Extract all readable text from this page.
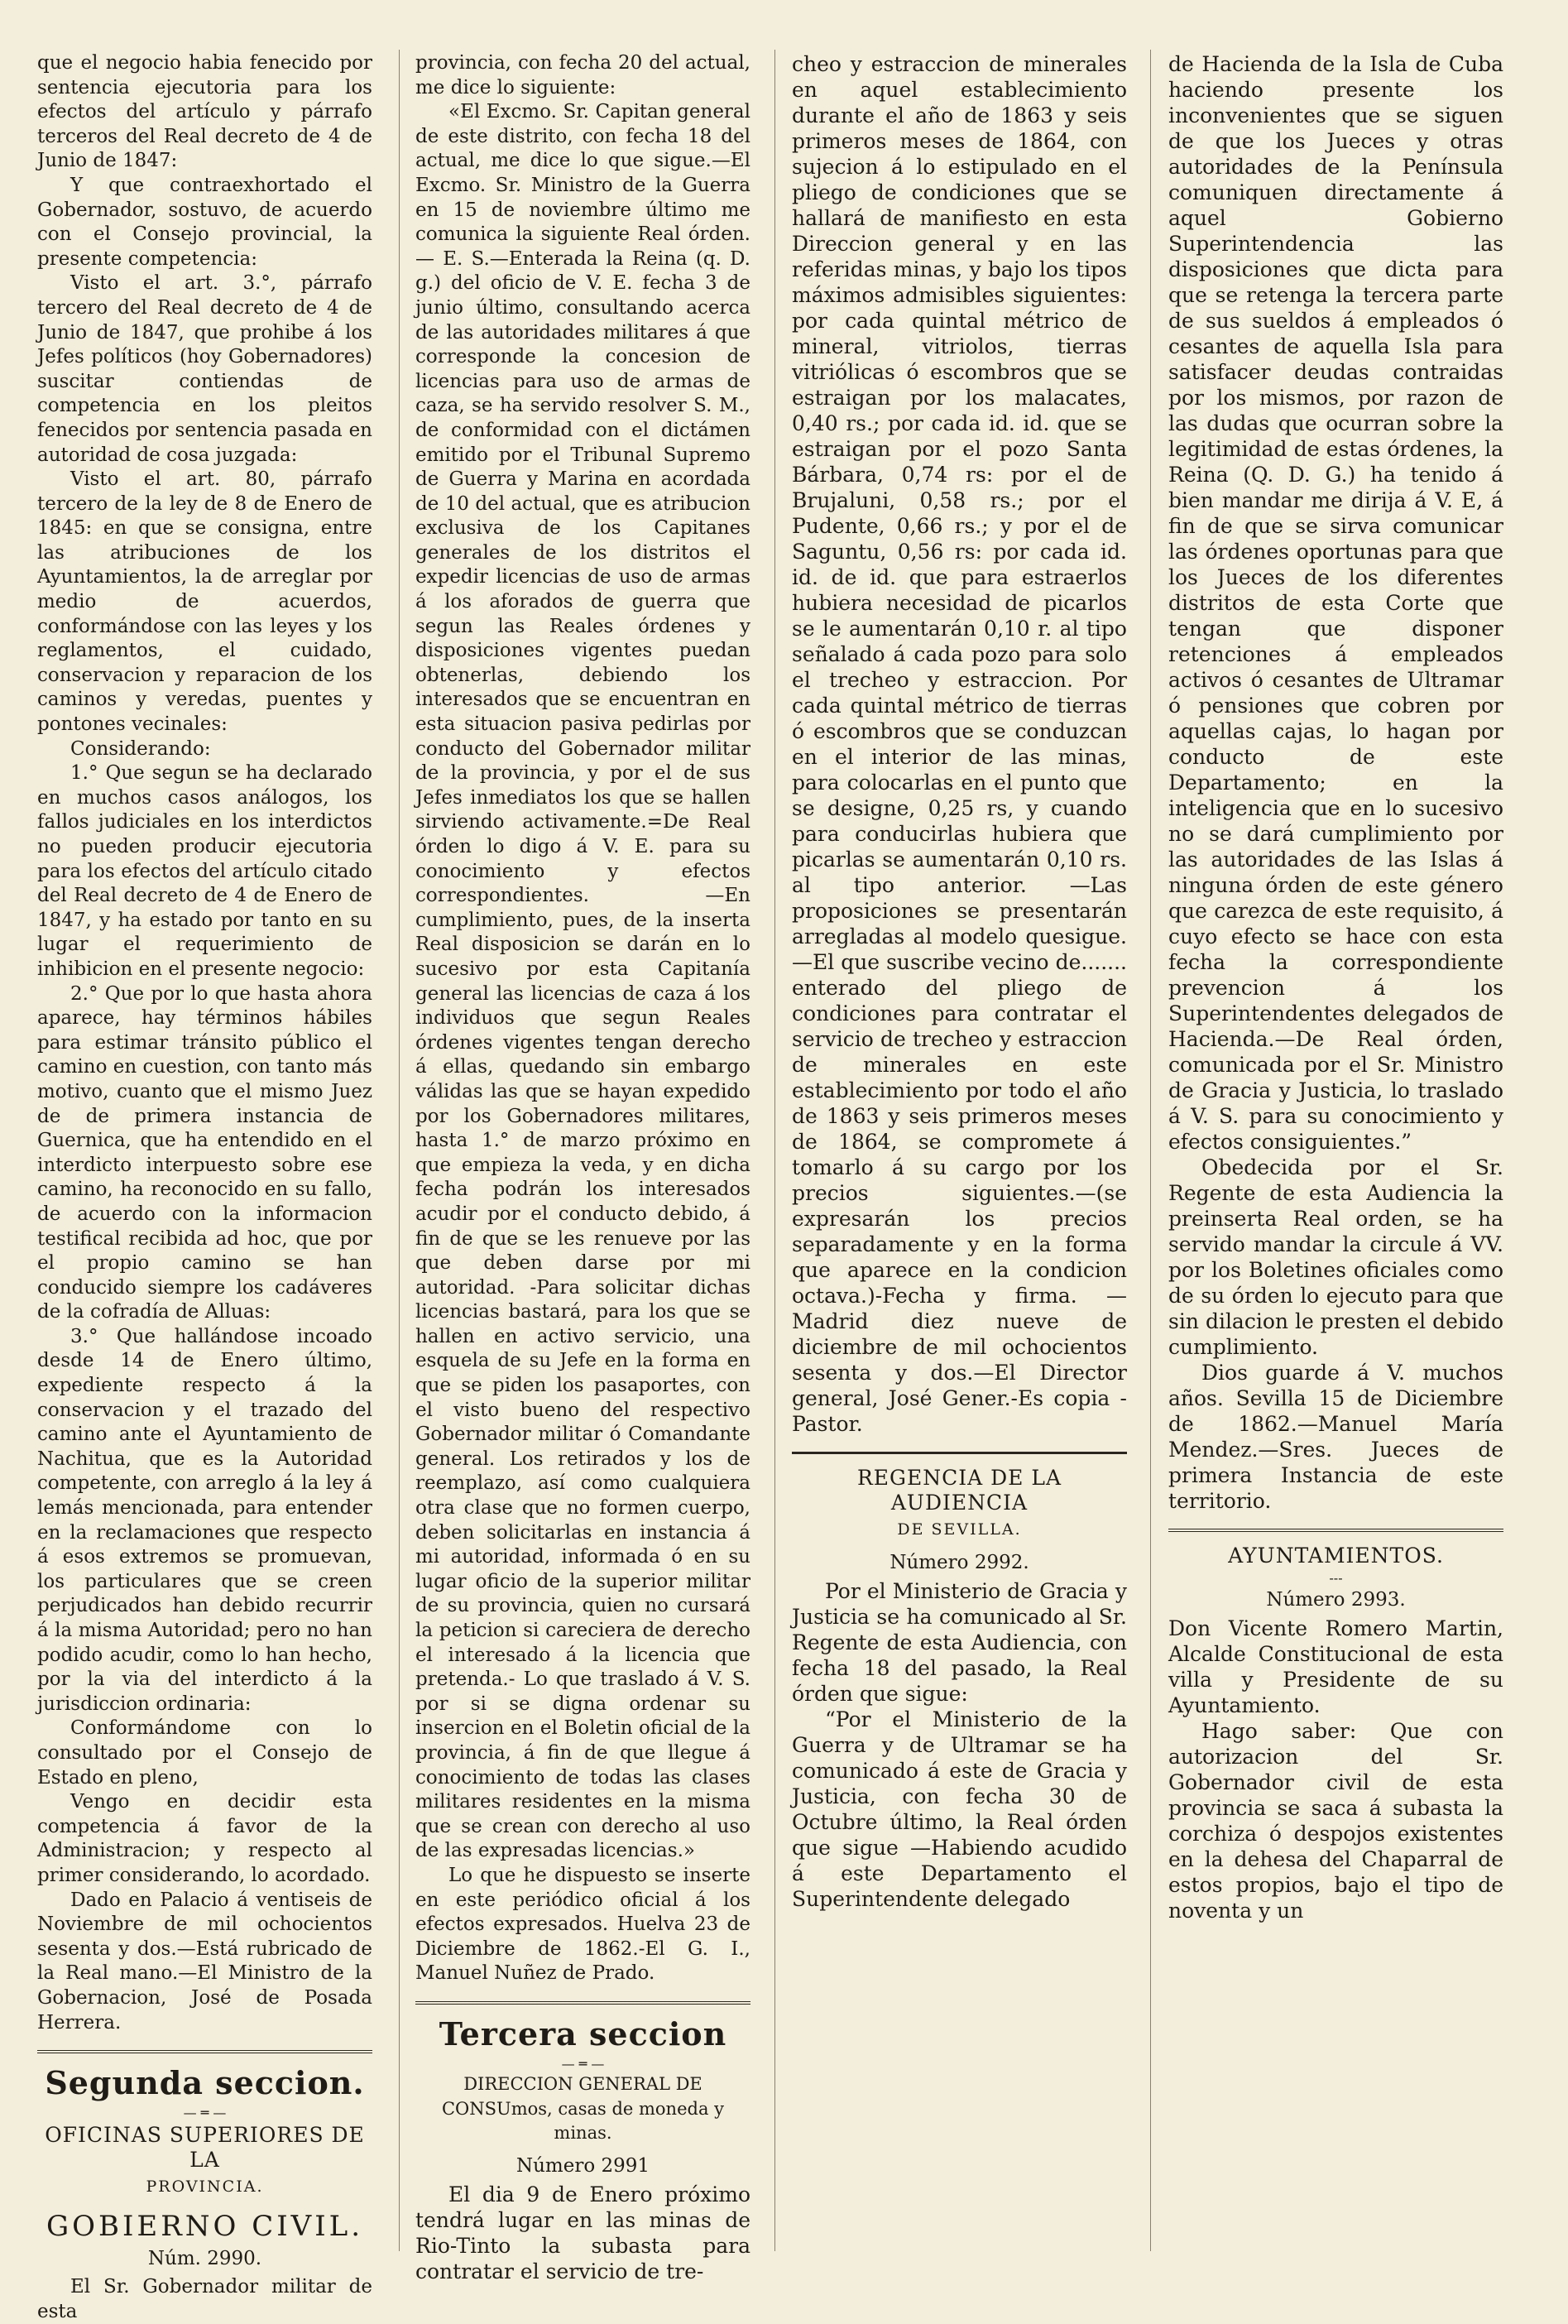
que el negocio habia fenecido por sentencia ejecutoria para los efectos del artículo y párrafo terceros del Real decreto de 4 de Junio de 1847:

Y que contraexhortado el Gobernador, sostuvo, de acuerdo con el Consejo provincial, la presente competencia:

Visto el art. 3.°, párrafo tercero del Real decreto de 4 de Junio de 1847, que prohibe á los Jefes políticos (hoy Gobernadores) suscitar contiendas de competencia en los pleitos fenecidos por sentencia pasada en autoridad de cosa juzgada:

Visto el art. 80, párrafo tercero de la ley de 8 de Enero de 1845: en que se consigna, entre las atribuciones de los Ayuntamientos, la de arreglar por medio de acuerdos, conformándose con las leyes y los reglamentos, el cuidado, conservacion y reparacion de los caminos y veredas, puentes y pontones vecinales:

Considerando:

1.° Que segun se ha declarado en muchos casos análogos, los fallos judiciales en los interdictos no pueden producir ejecutoria para los efectos del artículo citado del Real decreto de 4 de Enero de 1847, y ha estado por tanto en su lugar el requerimiento de inhibicion en el presente negocio:

2.° Que por lo que hasta ahora aparece, hay términos hábiles para estimar tránsito público el camino en cuestion, con tanto más motivo, cuanto que el mismo Juez de de primera instancia de Guernica, que ha entendido en el interdicto interpuesto sobre ese camino, ha reconocido en su fallo, de acuerdo con la informacion testifical recibida ad hoc, que por el propio camino se han conducido siempre los cadáveres de la cofradía de Alluas:

3.° Que hallándose incoado desde 14 de Enero último, expediente respecto á la conservacion y el trazado del camino ante el Ayuntamiento de Nachitua, que es la Autoridad competente, con arreglo á la ley á lemás mencionada, para entender en la reclamaciones que respecto á esos extremos se promuevan, los particulares que se creen perjudicados han debido recurrir á la misma Autoridad; pero no han podido acudir, como lo han hecho, por la via del interdicto á la jurisdiccion ordinaria:

Conformándome con lo consultado por el Consejo de Estado en pleno,

Vengo en decidir esta competencia á favor de la Administracion; y respecto al primer considerando, lo acordado.

Dado en Palacio á ventiseis de Noviembre de mil ochocientos sesenta y dos.—Está rubricado de la Real mano.—El Ministro de la Gobernacion, José de Posada Herrera.

Segunda seccion.
— ═ —
OFICINAS SUPERIORES DE LA
PROVINCIA.
GOBIERNO CIVIL.
Núm. 2990.

El Sr. Gobernador militar de esta

provincia, con fecha 20 del actual, me dice lo siguiente:

«El Excmo. Sr. Capitan general de este distrito, con fecha 18 del actual, me dice lo que sigue.—El Excmo. Sr. Ministro de la Guerra en 15 de noviembre último me comunica la siguiente Real órden. — E. S.—Enterada la Reina (q. D. g.) del oficio de V. E. fecha 3 de junio último, consultando acerca de las autoridades militares á que corresponde la concesion de licencias para uso de armas de caza, se ha servido resolver S. M., de conformidad con el dictámen emitido por el Tribunal Supremo de Guerra y Marina en acordada de 10 del actual, que es atribucion exclusiva de los Capitanes generales de los distritos el expedir licencias de uso de armas á los aforados de guerra que segun las Reales órdenes y disposiciones vigentes puedan obtenerlas, debiendo los interesados que se encuentran en esta situacion pasiva pedirlas por conducto del Gobernador militar de la provincia, y por el de sus Jefes inmediatos los que se hallen sirviendo activamente.=De Real órden lo digo á V. E. para su conocimiento y efectos correspondientes. —En cumplimiento, pues, de la inserta Real disposicion se darán en lo sucesivo por esta Capitanía general las licencias de caza á los individuos que segun Reales órdenes vigentes tengan derecho á ellas, quedando sin embargo válidas las que se hayan expedido por los Gobernadores militares, hasta 1.° de marzo próximo en que empieza la veda, y en dicha fecha podrán los interesados acudir por el conducto debido, á fin de que se les renueve por las que deben darse por mi autoridad. -Para solicitar dichas licencias bastará, para los que se hallen en activo servicio, una esquela de su Jefe en la forma en que se piden los pasaportes, con el visto bueno del respectivo Gobernador militar ó Comandante general. Los retirados y los de reemplazo, así como cualquiera otra clase que no formen cuerpo, deben solicitarlas en instancia á mi autoridad, informada ó en su lugar oficio de la superior militar de su provincia, quien no cursará la peticion si careciera de derecho el interesado á la licencia que pretenda.- Lo que traslado á V. S. por si se digna ordenar su insercion en el Boletin oficial de la provincia, á fin de que llegue á conocimiento de todas las clases militares residentes en la misma que se crean con derecho al uso de las expresadas licencias.»

Lo que he dispuesto se inserte en este periódico oficial á los efectos expresados. Huelva 23 de Diciembre de 1862.-El G. I., Manuel Nuñez de Prado.

Tercera seccion
— ═ —

DIRECCION GENERAL DE CONSUmos, casas de moneda y minas.

Número 2991

El dia 9 de Enero próximo tendrá lugar en las minas de Rio-Tinto la subasta para contratar el servicio de tre-

cheo y estraccion de minerales en aquel establecimiento durante el año de 1863 y seis primeros meses de 1864, con sujecion á lo estipulado en el pliego de condiciones que se hallará de manifiesto en esta Direccion general y en las referidas minas, y bajo los tipos máximos admisibles siguientes: por cada quintal métrico de mineral, vitriolos, tierras vitriólicas ó escombros que se estraigan por los malacates, 0,40 rs.; por cada id. id. que se estraigan por el pozo Santa Bárbara, 0,74 rs: por el de Brujaluni, 0,58 rs.; por el Pudente, 0,66 rs.; y por el de Saguntu, 0,56 rs: por cada id. id. de id. que para estraerlos hubiera necesidad de picarlos se le aumentarán 0,10 r. al tipo señalado á cada pozo para solo el trecheo y estraccion. Por cada quintal métrico de tierras ó escombros que se conduzcan en el interior de las minas, para colocarlas en el punto que se designe, 0,25 rs, y cuando para conducirlas hubiera que picarlas se aumentarán 0,10 rs. al tipo anterior. —Las proposiciones se presentarán arregladas al modelo quesigue.—El que suscribe vecino de....... enterado del pliego de condiciones para contratar el servicio de trecheo y estraccion de minerales en este establecimiento por todo el año de 1863 y seis primeros meses de 1864, se compromete á tomarlo á su cargo por los precios siguientes.—(se expresarán los precios separadamente y en la forma que aparece en la condicion octava.)-Fecha y firma. —Madrid diez nueve de diciembre de mil ochocientos sesenta y dos.—El Director general, José Gener.-Es copia -Pastor.

REGENCIA DE LA AUDIENCIA
DE SEVILLA.
Número 2992.

Por el Ministerio de Gracia y Justicia se ha comunicado al Sr. Regente de esta Audiencia, con fecha 18 del pasado, la Real órden que sigue:

“Por el Ministerio de la Guerra y de Ultramar se ha comunicado á este de Gracia y Justicia, con fecha 30 de Octubre último, la Real órden que sigue —Habiendo acudido á este Departamento el Superintendente delegado

de Hacienda de la Isla de Cuba haciendo presente los inconvenientes que se siguen de que los Jueces y otras autoridades de la Península comuniquen directamente á aquel Gobierno Superintendencia las disposiciones que dicta para que se retenga la tercera parte de sus sueldos á empleados ó cesantes de aquella Isla para satisfacer deudas contraidas por los mismos, por razon de las dudas que ocurran sobre la legitimidad de estas órdenes, la Reina (Q. D. G.) ha tenido á bien mandar me dirija á V. E, á fin de que se sirva comunicar las órdenes oportunas para que los Jueces de los diferentes distritos de esta Corte que tengan que disponer retenciones á empleados activos ó cesantes de Ultramar ó pensiones que cobren por aquellas cajas, lo hagan por conducto de este Departamento; en la inteligencia que en lo sucesivo no se dará cumplimiento por las autoridades de las Islas á ninguna órden de este género que carezca de este requisito, á cuyo efecto se hace con esta fecha la correspondiente prevencion á los Superintendentes delegados de Hacienda.—De Real órden, comunicada por el Sr. Ministro de Gracia y Justicia, lo traslado á V. S. para su conocimiento y efectos consiguientes.”

Obedecida por el Sr. Regente de esta Audiencia la preinserta Real orden, se ha servido mandar la circule á VV. por los Boletines oficiales como de su órden lo ejecuto para que sin dilacion le presten el debido cumplimiento.

Dios guarde á V. muchos años. Sevilla 15 de Diciembre de 1862.—Manuel María Mendez.—Sres. Jueces de primera Instancia de este territorio.

AYUNTAMIENTOS.
---
Número 2993.

Don Vicente Romero Martin, Alcalde Constitucional de esta villa y Presidente de su Ayuntamiento.

Hago saber: Que con autorizacion del Sr. Gobernador civil de esta provincia se saca á subasta la corchiza ó despojos existentes en la dehesa del Chaparral de estos propios, bajo el tipo de noventa y un
